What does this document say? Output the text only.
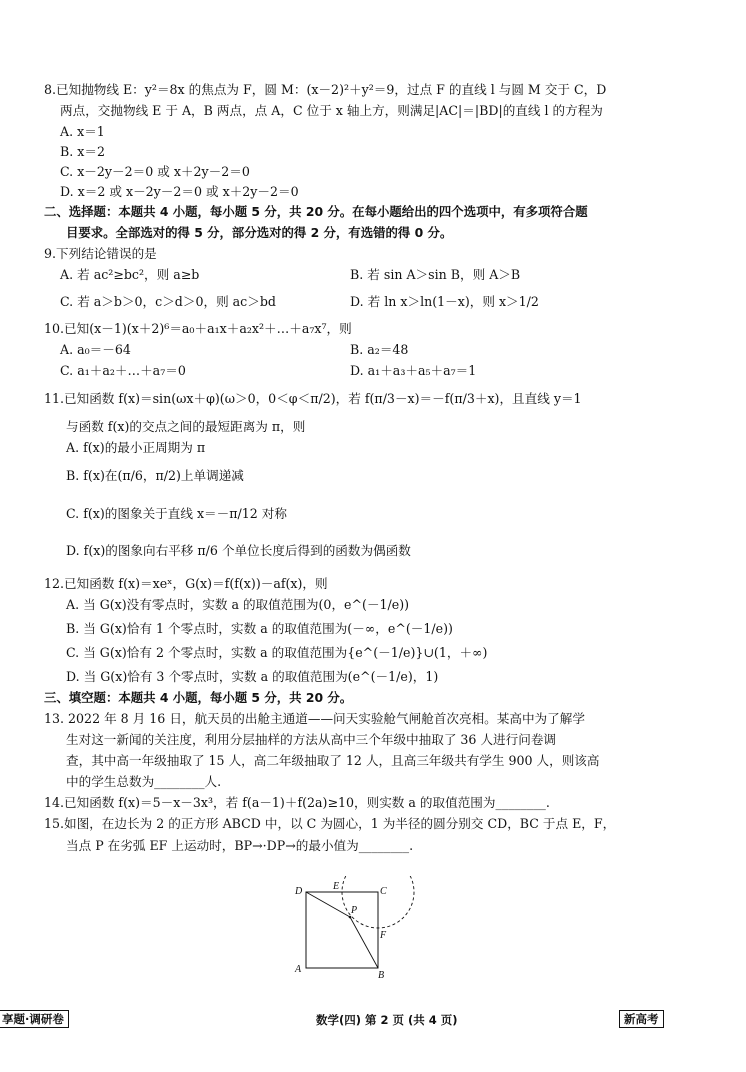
8.已知抛物线 E：y²＝8x 的焦点为 F，圆 M：(x－2)²＋y²＝9，过点 F 的直线 l 与圆 M 交于 C，D
两点，交抛物线 E 于 A，B 两点，点 A，C 位于 x 轴上方，则满足|AC|＝|BD|的直线 l 的方程为
A. x＝1
B. x＝2
C. x－2y－2＝0 或 x＋2y－2＝0
D. x＝2 或 x－2y－2＝0 或 x＋2y－2＝0
二、选择题：本题共 4 小题，每小题 5 分，共 20 分。在每小题给出的四个选项中，有多项符合题
目要求。全部选对的得 5 分，部分选对的得 2 分，有选错的得 0 分。
9.下列结论错误的是
A. 若 ac²≥bc²，则 a≥b	B. 若 sin A＞sin B，则 A＞B
C. 若 a＞b＞0，c＞d＞0，则 ac＞bd	D. 若 ln x＞ln(1－x)，则 x＞1/2
10.已知(x－1)(x＋2)⁶＝a₀＋a₁x＋a₂x²＋…＋a₇x⁷，则
A. a₀＝－64	B. a₂＝48
C. a₁＋a₂＋…＋a₇＝0	D. a₁＋a₃＋a₅＋a₇＝1
11.已知函数 f(x)＝sin(ωx＋φ)(ω＞0，0＜φ＜π/2)，若 f(π/3－x)＝－f(π/3＋x)，且直线 y＝1
与函数 f(x)的交点之间的最短距离为 π，则
A. f(x)的最小正周期为 π
B. f(x)在(π/6，π/2)上单调递减
C. f(x)的图象关于直线 x＝－π/12 对称
D. f(x)的图象向右平移 π/6 个单位长度后得到的函数为偶函数
12.已知函数 f(x)＝xeˣ，G(x)＝f(f(x))－af(x)，则
A. 当 G(x)没有零点时，实数 a 的取值范围为(0，e^(－1/e))
B. 当 G(x)恰有 1 个零点时，实数 a 的取值范围为(－∞，e^(－1/e))
C. 当 G(x)恰有 2 个零点时，实数 a 的取值范围为{e^(－1/e)}∪(1，＋∞)
D. 当 G(x)恰有 3 个零点时，实数 a 的取值范围为(e^(－1/e)，1)
三、填空题：本题共 4 小题，每小题 5 分，共 20 分。
13. 2022 年 8 月 16 日，航天员的出舱主通道——问天实验舱气闸舱首次亮相。某高中为了解学
生对这一新闻的关注度，利用分层抽样的方法从高中三个年级中抽取了 36 人进行问卷调
查，其中高一年级抽取了 15 人，高二年级抽取了 12 人，且高三年级共有学生 900 人，则该高
中的学生总数为________人.
14.已知函数 f(x)＝5－x－3x³，若 f(a－1)＋f(2a)≥10，则实数 a 的取值范围为________.
15.如图，在边长为 2 的正方形 ABCD 中，以 C 为圆心，1 为半径的圆分别交 CD，BC 于点 E，F，
当点 P 在劣弧 EF 上运动时，BP→·DP→的最小值为________.
D	E	C
P
F
A
B
享题·调研卷	数学(四) 第 2 页 (共 4 页)	新高考
